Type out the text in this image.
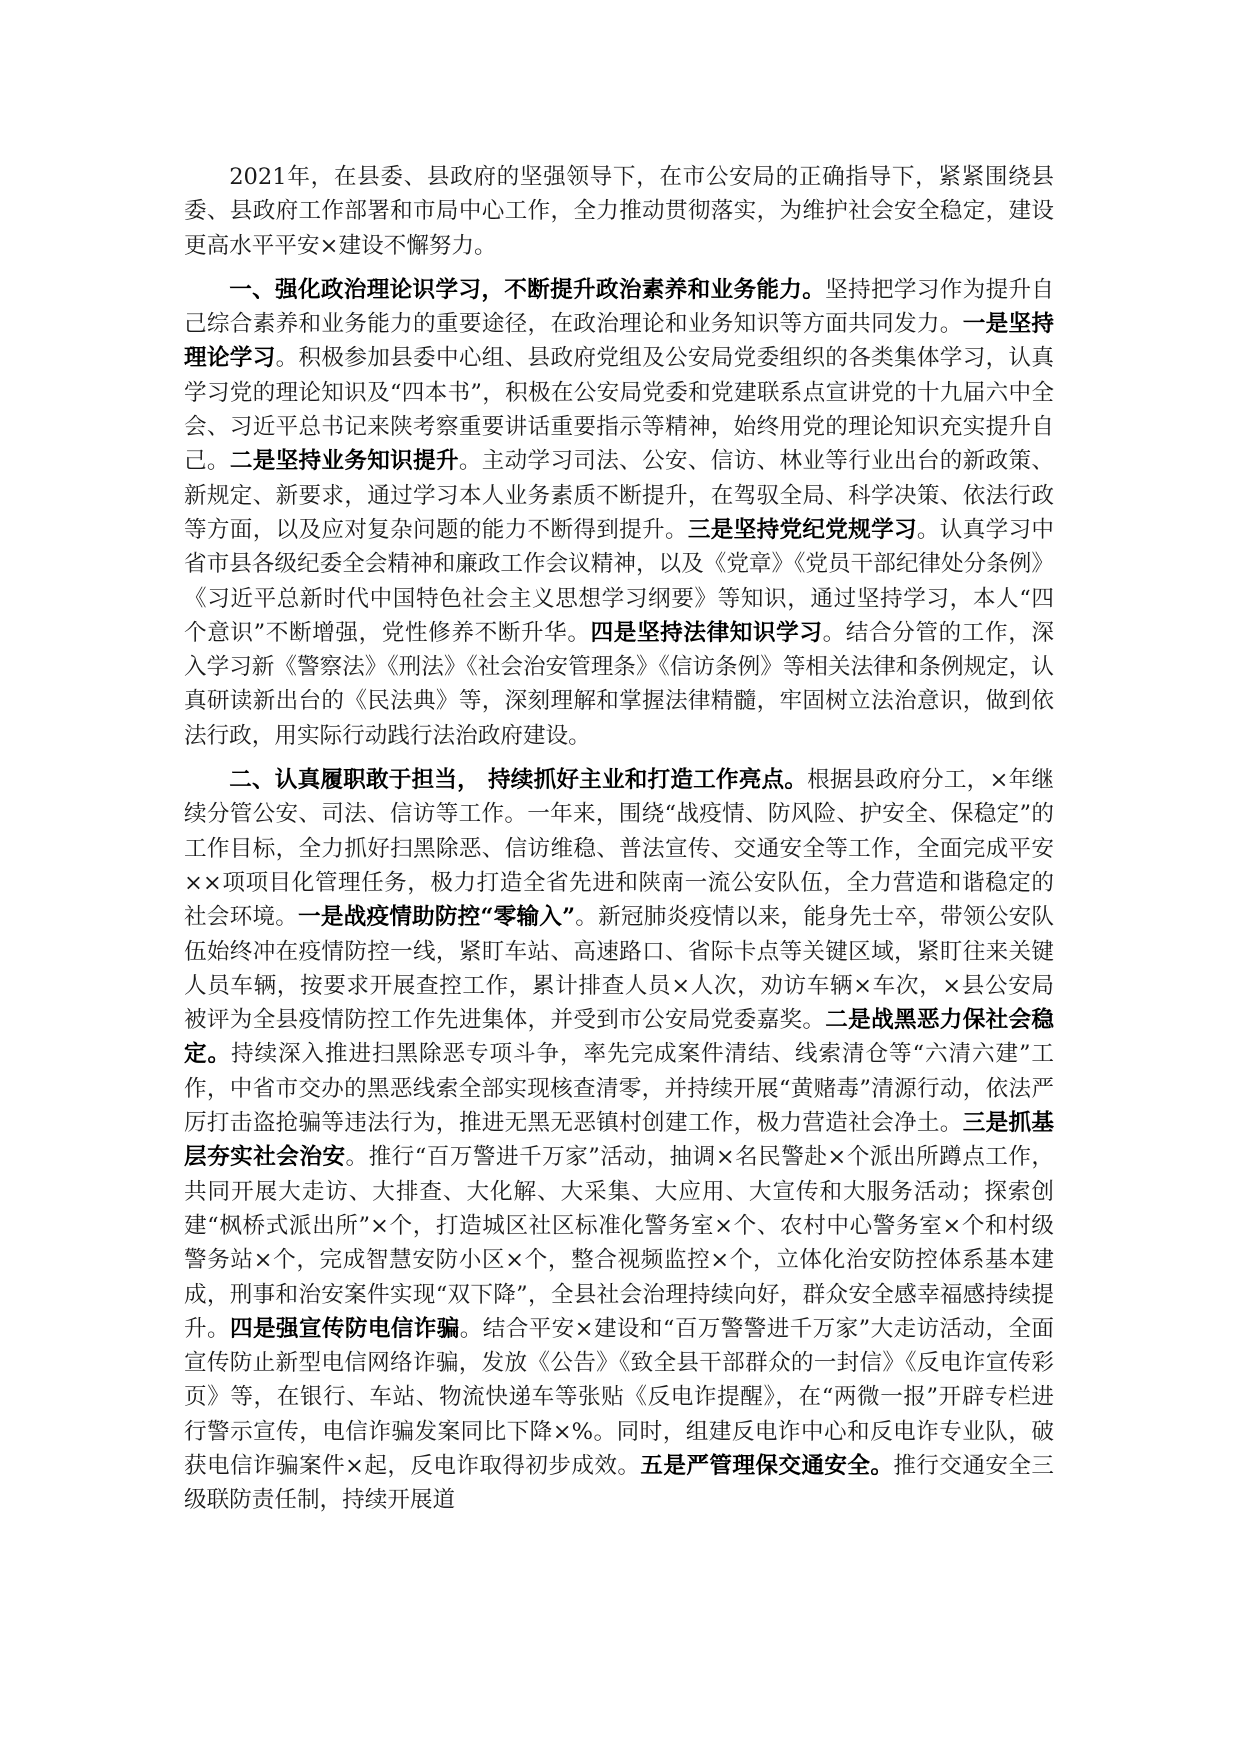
2021年，在县委、县政府的坚强领导下，在市公安局的正确指导下，紧紧围绕县委、县政府工作部署和市局中心工作，全力推动贯彻落实，为维护社会安全稳定，建设更高水平平安×建设不懈努力。

一、强化政治理论识学习，不断提升政治素养和业务能力。坚持把学习作为提升自己综合素养和业务能力的重要途径，在政治理论和业务知识等方面共同发力。一是坚持理论学习。积极参加县委中心组、县政府党组及公安局党委组织的各类集体学习，认真学习党的理论知识及“四本书”，积极在公安局党委和党建联系点宣讲党的十九届六中全会、习近平总书记来陕考察重要讲话重要指示等精神，始终用党的理论知识充实提升自己。二是坚持业务知识提升。主动学习司法、公安、信访、林业等行业出台的新政策、新规定、新要求，通过学习本人业务素质不断提升，在驾驭全局、科学决策、依法行政等方面，以及应对复杂问题的能力不断得到提升。三是坚持党纪党规学习。认真学习中省市县各级纪委全会精神和廉政工作会议精神，以及《党章》《党员干部纪律处分条例》《习近平总新时代中国特色社会主义思想学习纲要》等知识，通过坚持学习，本人“四个意识”不断增强，党性修养不断升华。四是坚持法律知识学习。结合分管的工作，深入学习新《警察法》《刑法》《社会治安管理条》《信访条例》等相关法律和条例规定，认真研读新出台的《民法典》等，深刻理解和掌握法律精髓，牢固树立法治意识，做到依法行政，用实际行动践行法治政府建设。

二、认真履职敢于担当， 持续抓好主业和打造工作亮点。根据县政府分工，×年继续分管公安、司法、信访等工作。一年来，围绕“战疫情、防风险、护安全、保稳定”的工作目标，全力抓好扫黑除恶、信访维稳、普法宣传、交通安全等工作，全面完成平安××项项目化管理任务，极力打造全省先进和陕南一流公安队伍，全力营造和谐稳定的社会环境。一是战疫情助防控“零输入”。新冠肺炎疫情以来，能身先士卒，带领公安队伍始终冲在疫情防控一线，紧盯车站、高速路口、省际卡点等关键区域，紧盯往来关键人员车辆，按要求开展查控工作，累计排查人员×人次，劝访车辆×车次，×县公安局被评为全县疫情防控工作先进集体，并受到市公安局党委嘉奖。二是战黑恶力保社会稳定。持续深入推进扫黑除恶专项斗争，率先完成案件清结、线索清仓等“六清六建”工作，中省市交办的黑恶线索全部实现核查清零，并持续开展“黄赌毒”清源行动，依法严厉打击盗抢骗等违法行为，推进无黑无恶镇村创建工作，极力营造社会净土。三是抓基层夯实社会治安。推行“百万警进千万家”活动，抽调×名民警赴×个派出所蹲点工作，共同开展大走访、大排查、大化解、大采集、大应用、大宣传和大服务活动；探索创建“枫桥式派出所”×个，打造城区社区标准化警务室×个、农村中心警务室×个和村级警务站×个，完成智慧安防小区×个，整合视频监控×个，立体化治安防控体系基本建成，刑事和治安案件实现“双下降”，全县社会治理持续向好，群众安全感幸福感持续提升。四是强宣传防电信诈骗。结合平安×建设和“百万警警进千万家”大走访活动，全面宣传防止新型电信网络诈骗，发放《公告》《致全县干部群众的一封信》《反电诈宣传彩页》等，在银行、车站、物流快递车等张贴《反电诈提醒》，在“两微一报”开辟专栏进行警示宣传，电信诈骗发案同比下降×%。同时，组建反电诈中心和反电诈专业队，破获电信诈骗案件×起，反电诈取得初步成效。五是严管理保交通安全。推行交通安全三级联防责任制，持续开展道
